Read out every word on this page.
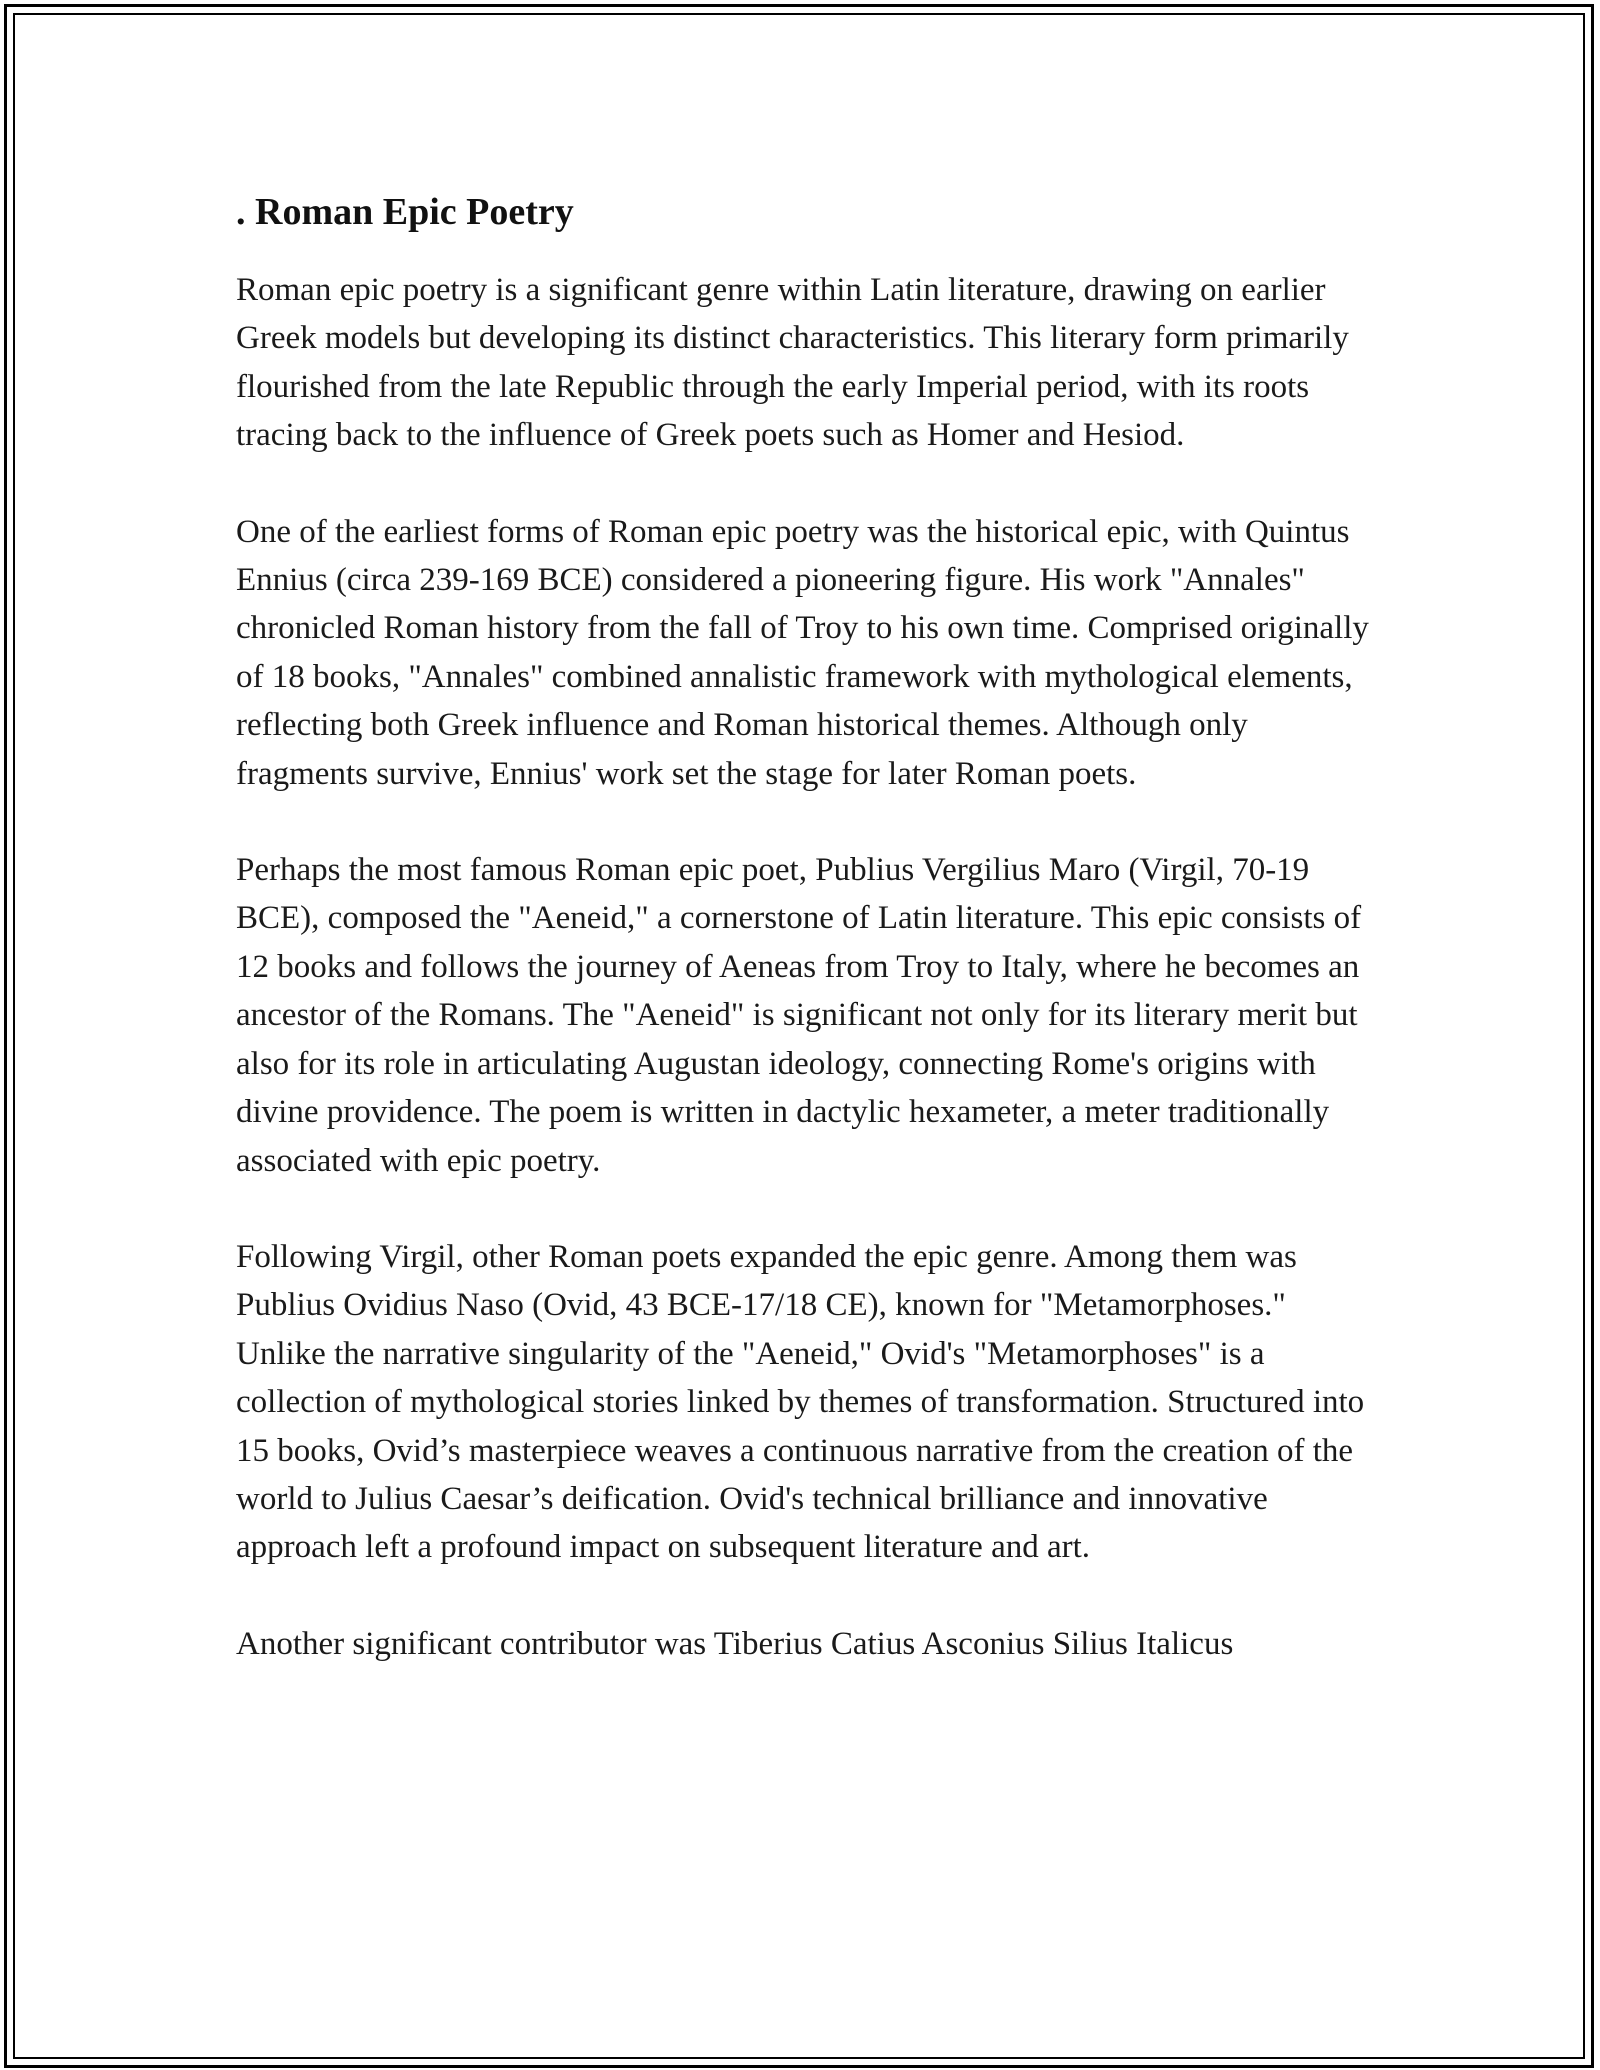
. Roman Epic Poetry

Roman epic poetry is a significant genre within Latin literature, drawing on earlier Greek models but developing its distinct characteristics. This literary form primarily flourished from the late Republic through the early Imperial period, with its roots tracing back to the influence of Greek poets such as Homer and Hesiod.

One of the earliest forms of Roman epic poetry was the historical epic, with Quintus Ennius (circa 239-169 BCE) considered a pioneering figure. His work "Annales" chronicled Roman history from the fall of Troy to his own time. Comprised originally of 18 books, "Annales" combined annalistic framework with mythological elements, reflecting both Greek influence and Roman historical themes. Although only fragments survive, Ennius' work set the stage for later Roman poets.

Perhaps the most famous Roman epic poet, Publius Vergilius Maro (Virgil, 70-19 BCE), composed the "Aeneid," a cornerstone of Latin literature. This epic consists of 12 books and follows the journey of Aeneas from Troy to Italy, where he becomes an ancestor of the Romans. The "Aeneid" is significant not only for its literary merit but also for its role in articulating Augustan ideology, connecting Rome's origins with divine providence. The poem is written in dactylic hexameter, a meter traditionally associated with epic poetry.

Following Virgil, other Roman poets expanded the epic genre. Among them was Publius Ovidius Naso (Ovid, 43 BCE-17/18 CE), known for "Metamorphoses." Unlike the narrative singularity of the "Aeneid," Ovid's "Metamorphoses" is a collection of mythological stories linked by themes of transformation. Structured into 15 books, Ovid’s masterpiece weaves a continuous narrative from the creation of the world to Julius Caesar’s deification. Ovid's technical brilliance and innovative approach left a profound impact on subsequent literature and art.

Another significant contributor was Tiberius Catius Asconius Silius Italicus
